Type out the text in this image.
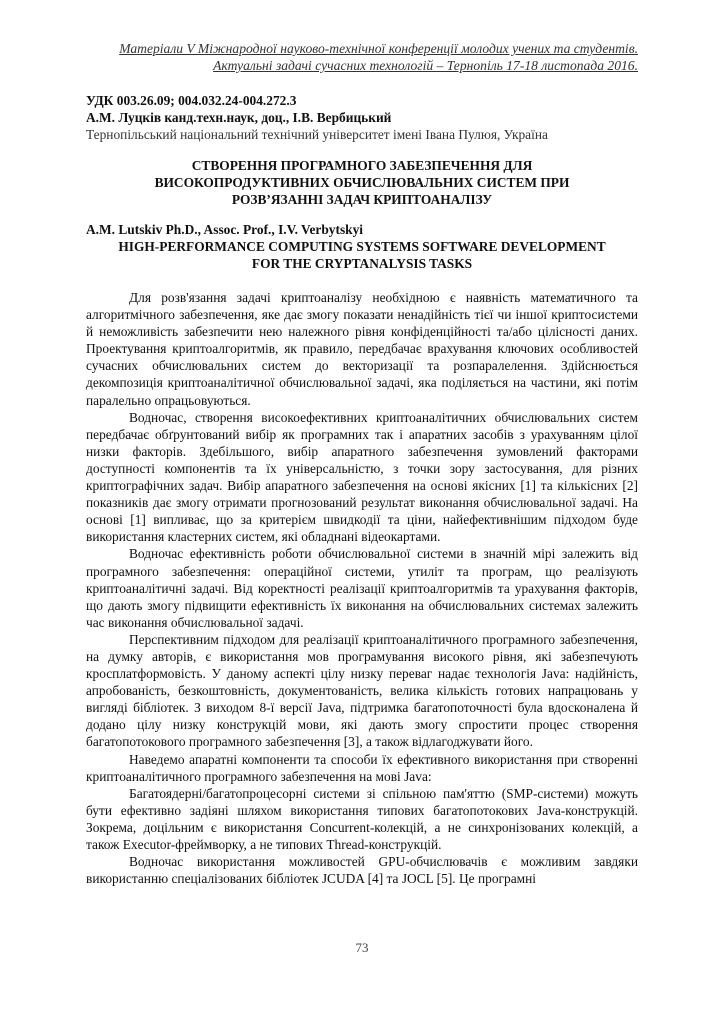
Матеріали V Міжнародної науково-технічної конференції молодих учених та студентів.
Актуальні задачі сучасних технологій – Тернопіль 17-18 листопада 2016.
УДК 003.26.09; 004.032.24-004.272.3
А.М. Луцків канд.техн.наук, доц., І.В. Вербицький
Тернопільський національний технічний університет імені Івана Пулюя, Україна
СТВОРЕННЯ ПРОГРАМНОГО ЗАБЕЗПЕЧЕННЯ ДЛЯ
ВИСОКОПРОДУКТИВНИХ ОБЧИСЛЮВАЛЬНИХ СИСТЕМ ПРИ
РОЗВ’ЯЗАННІ ЗАДАЧ КРИПТОАНАЛІЗУ
A.M. Lutskiv Ph.D., Assoc. Prof., I.V. Verbytskyi
HIGH-PERFORMANCE COMPUTING SYSTEMS SOFTWARE DEVELOPMENT
FOR THE CRYPTANALYSIS TASKS

Для розв'язання задачі криптоаналізу необхідною є наявність математичного та алгоритмічного забезпечення, яке дає змогу показати ненадійність тієї чи іншої криптосистеми й неможливість забезпечити нею належного рівня конфіденційності та/або цілісності даних. Проектування криптоалгоритмів, як правило, передбачає врахування ключових особливостей сучасних обчислювальних систем до векторизації та розпаралелення. Здійснюється декомпозиція криптоаналітичної обчислювальної задачі, яка поділяється на частини, які потім паралельно опрацьовуються.

Водночас, створення високоефективних криптоаналітичних обчислювальних систем передбачає обґрунтований вибір як програмних так і апаратних засобів з урахуванням цілої низки факторів. Здебільшого, вибір апаратного забезпечення зумовлений факторами доступності компонентів та їх універсальністю, з точки зору застосування, для різних криптографічних задач. Вибір апаратного забезпечення на основі якісних [1] та кількісних [2] показників дає змогу отримати прогнозований результат виконання обчислювальної задачі. На основі [1] випливає, що за критерієм швидкодії та ціни, найефективнішим підходом буде використання кластерних систем, які обладнані відеокартами.

Водночас ефективність роботи обчислювальної системи в значній мірі залежить від програмного забезпечення: операційної системи, утиліт та програм, що реалізують криптоаналітичні задачі. Від коректності реалізації криптоалгоритмів та урахування факторів, що дають змогу підвищити ефективність їх виконання на обчислювальних системах залежить час виконання обчислювальної задачі.

Перспективним підходом для реалізації криптоаналітичного програмного забезпечення, на думку авторів, є використання мов програмування високого рівня, які забезпечують кросплатформовість. У даному аспекті цілу низку переваг надає технологія Java: надійність, апробованість, безкоштовність, документованість, велика кількість готових напрацювань у вигляді бібліотек. З виходом 8-ї версії Java, підтримка багатопоточності була вдосконалена й додано цілу низку конструкцій мови, які дають змогу спростити процес створення багатопотокового програмного забезпечення [3], а також відлагоджувати його.

Наведемо апаратні компоненти та способи їх ефективного використання при створенні криптоаналітичного програмного забезпечення на мові Java:

Багатоядерні/багатопроцесорні системи зі спільною пам'яттю (SMP-системи) можуть бути ефективно задіяні шляхом використання типових багатопотокових Java-конструкцій. Зокрема, доцільним є використання Concurrent-колекцій, а не синхронізованих колекцій, а також Executor-фреймворку, а не типових Thread-конструкцій.

Водночас використання можливостей GPU-обчислювачів є можливим завдяки використанню спеціалізованих бібліотек JCUDA [4] та JOCL [5]. Це програмні

73
